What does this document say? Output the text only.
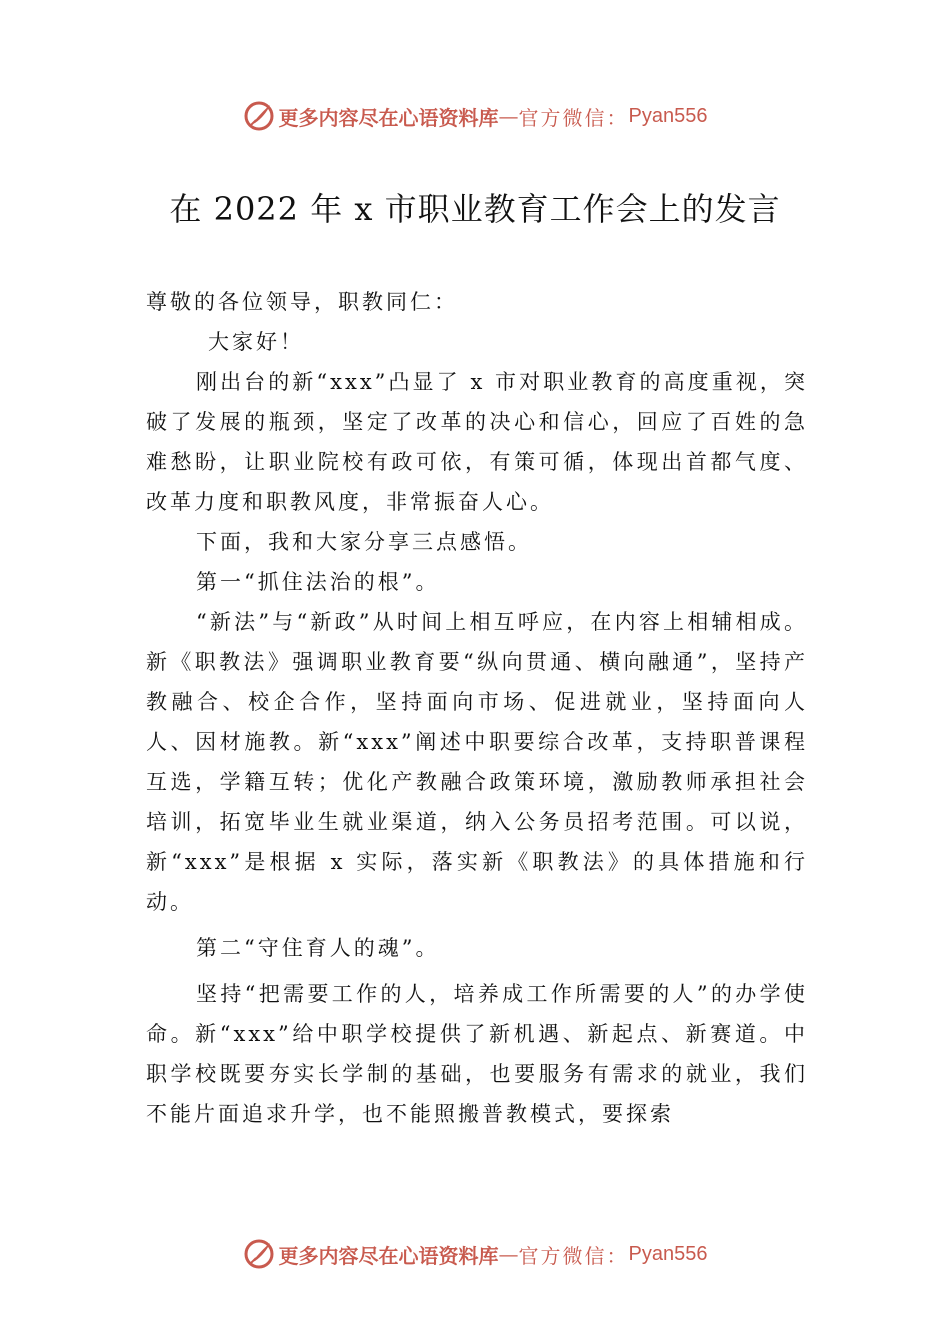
更多内容尽在心语资料库 — 官方微信： Pyan556
在 2022 年 x 市职业教育工作会上的发言

尊敬的各位领导，职教同仁：

大家好！

刚出台的新“xxx”凸显了 x 市对职业教育的高度重视，突破了发展的瓶颈，坚定了改革的决心和信心，回应了百姓的急难愁盼，让职业院校有政可依，有策可循，体现出首都气度、改革力度和职教风度，非常振奋人心。

下面，我和大家分享三点感悟。

第一“抓住法治的根”。

“新法”与“新政”从时间上相互呼应，在内容上相辅相成。新《职教法》强调职业教育要“纵向贯通、横向融通”，坚持产教融合、校企合作，坚持面向市场、促进就业，坚持面向人人、因材施教。新“xxx”阐述中职要综合改革，支持职普课程互选，学籍互转；优化产教融合政策环境，激励教师承担社会培训，拓宽毕业生就业渠道，纳入公务员招考范围。可以说，新“xxx”是根据 x 实际，落实新《职教法》的具体措施和行动。

第二“守住育人的魂”。

坚持“把需要工作的人，培养成工作所需要的人”的办学使命。新“xxx”给中职学校提供了新机遇、新起点、新赛道。中职学校既要夯实长学制的基础，也要服务有需求的就业，我们不能片面追求升学，也不能照搬普教模式，要探索

更多内容尽在心语资料库 — 官方微信： Pyan556
